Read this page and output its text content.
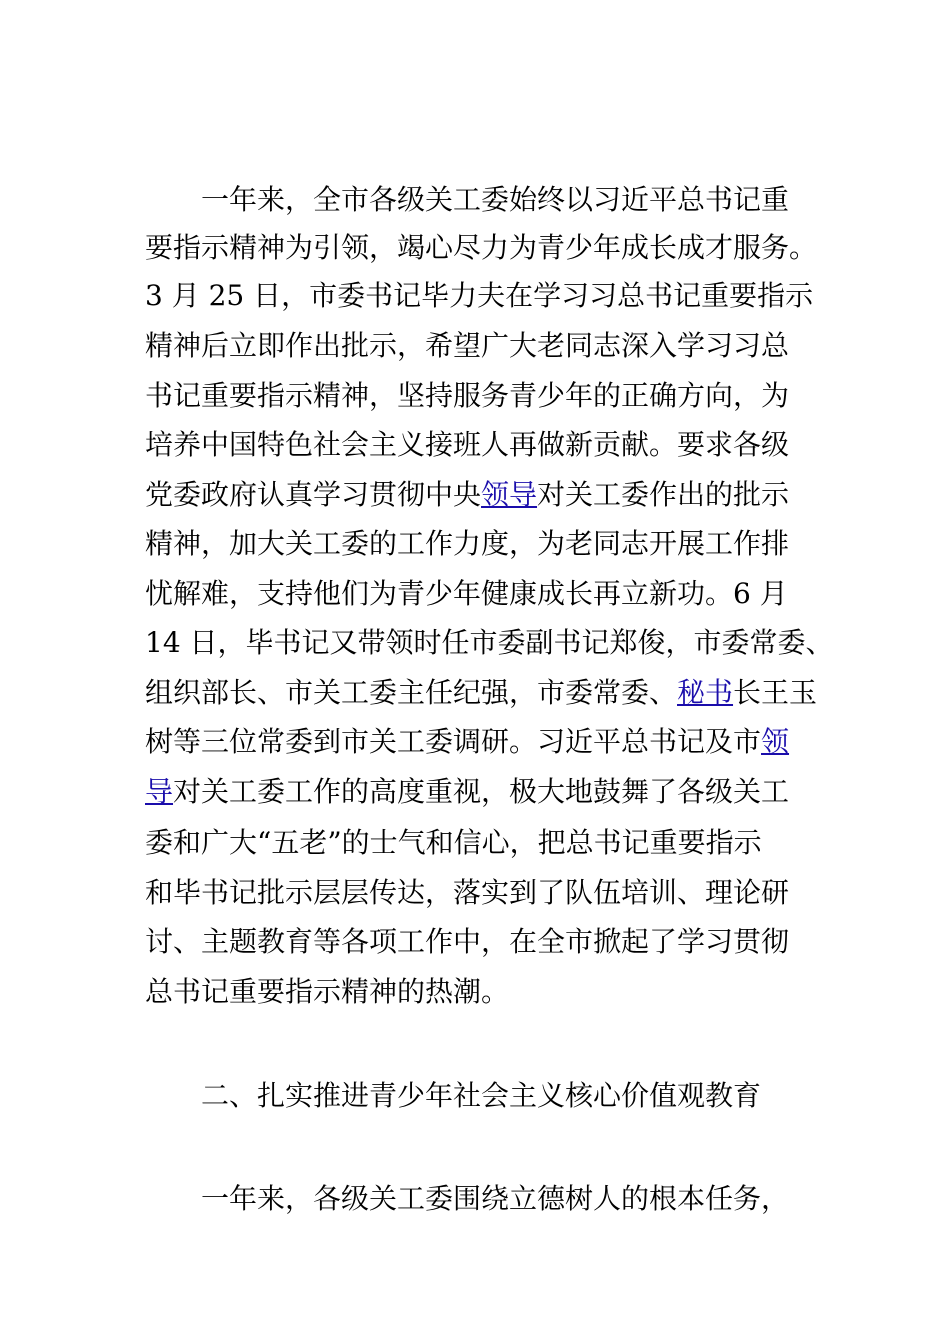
一年来，全市各级关工委始终以习近平总书记重
要指示精神为引领，竭心尽力为青少年成长成才服务。
3 月 25 日，市委书记毕力夫在学习习总书记重要指示
精神后立即作出批示，希望广大老同志深入学习习总
书记重要指示精神，坚持服务青少年的正确方向，为
培养中国特色社会主义接班人再做新贡献。要求各级
党委政府认真学习贯彻中央领导对关工委作出的批示
精神，加大关工委的工作力度，为老同志开展工作排
忧解难，支持他们为青少年健康成长再立新功。6 月
14 日，毕书记又带领时任市委副书记郑俊，市委常委、
组织部长、市关工委主任纪强，市委常委、秘书长王玉
树等三位常委到市关工委调研。习近平总书记及市领
导对关工委工作的高度重视，极大地鼓舞了各级关工
委和广大“五老”的士气和信心，把总书记重要指示
和毕书记批示层层传达，落实到了队伍培训、理论研
讨、主题教育等各项工作中，在全市掀起了学习贯彻
总书记重要指示精神的热潮。
二、扎实推进青少年社会主义核心价值观教育
一年来，各级关工委围绕立德树人的根本任务，
